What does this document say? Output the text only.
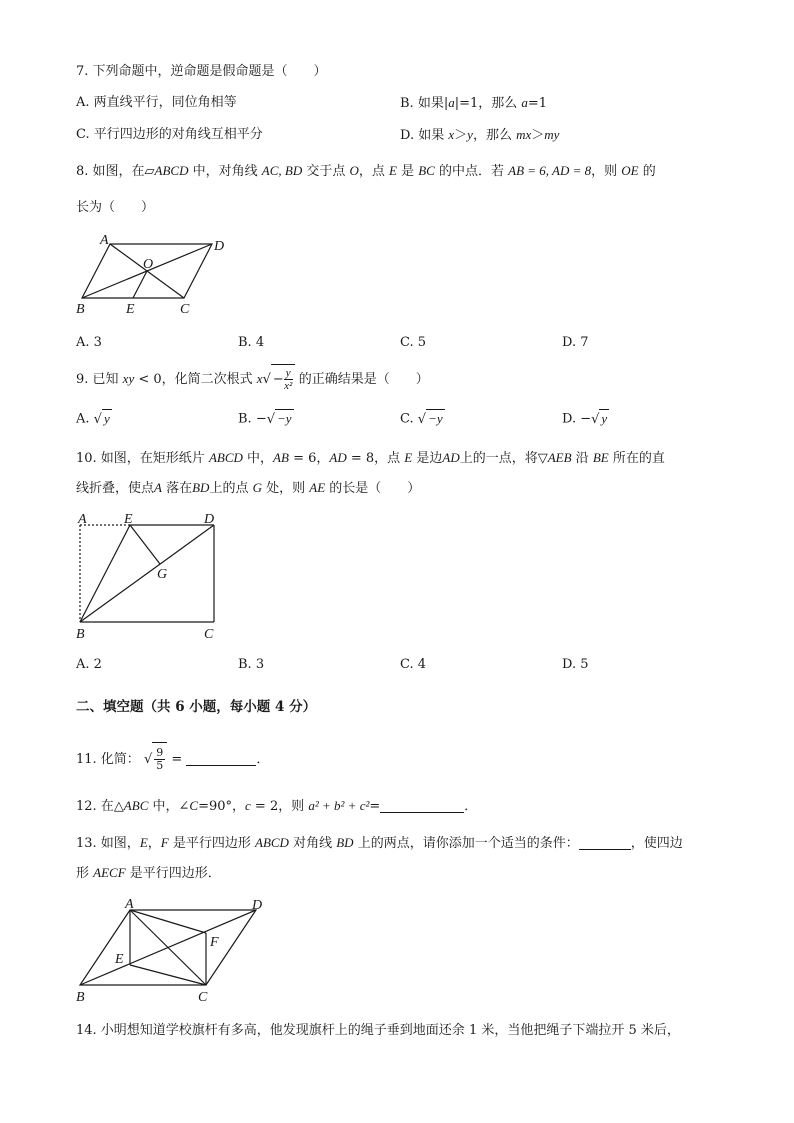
7. 下列命题中，逆命题是假命题是（　　）
A. 两直线平行，同位角相等	B. 如果|a|=1，那么 a=1
C. 平行四边形的对角线互相平分	D. 如果 x＞y，那么 mx＞my
8. 如图，在▱ABCD 中，对角线 AC, BD 交于点 O，点 E 是 BC 的中点．若 AB = 6, AD = 8，则 OE 的
长为（　　）
A	D
O
B	E	C
A. 3	B. 4	C. 5	D. 7
9. 已知 xy < 0，化简二次根式 $x√ - \frac{y}{\text{x²}}$ 的正确结果是（　　）
A. √ y	B. −√ −y	C. √ −y	D. −√ y
10. 如图，在矩形纸片 ABCD 中，AB = 6，AD = 8，点 E 是边AD上的一点，将▽AEB 沿 BE 所在的直
线折叠，使点A 落在BD上的点 G 处，则 AE 的长是（　　）
A	E	D
G
B	C
A. 2	B. 3	C. 4	D. 5
二、填空题（共 6 小题，每小题 4 分）
11. 化简： √ $\frac{9}{5}$ =	．
12. 在△ABC 中，∠C=90°，c = 2，则 a² + b² + c²=	．
13. 如图，E，F 是平行四边形 ABCD 对角线 BD 上的两点，请你添加一个适当的条件：	，使四边
形 AECF 是平行四边形．
A	D
F
E
B	C
14. 小明想知道学校旗杆有多高，他发现旗杆上的绳子垂到地面还余 1 米，当他把绳子下端拉开 5 米后，
